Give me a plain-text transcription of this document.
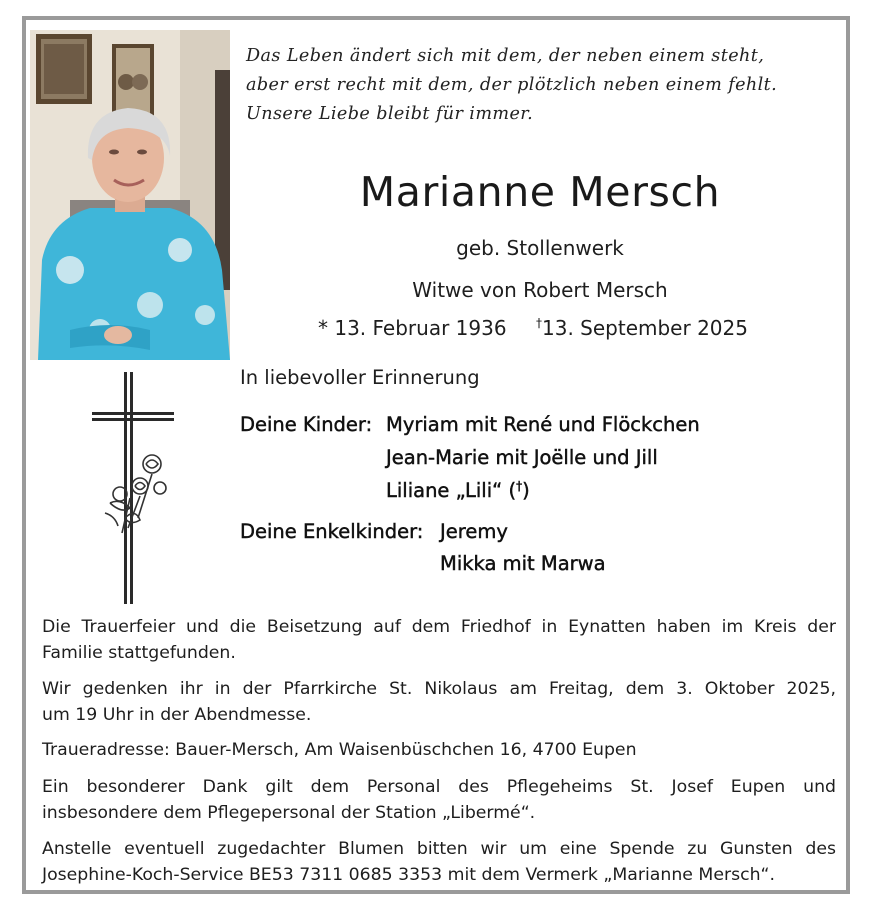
Das Leben ändert sich mit dem, der neben einem steht,
aber erst recht mit dem, der plötzlich neben einem fehlt.
Unsere Liebe bleibt für immer.
Marianne Mersch
geb. Stollenwerk
Witwe von Robert Mersch
* 13. Februar 1936 †13. September 2025
In liebevoller Erinnerung
Deine Kinder: Myriam mit René und Flöckchen
Jean-Marie mit Joëlle und Jill
Liliane „Lili“ (†)
Deine Enkelkinder: Jeremy
Mikka mit Marwa
Die Trauerfeier und die Beisetzung auf dem Friedhof in Eynatten haben im Kreis der
Familie stattgefunden.
Wir gedenken ihr in der Pfarrkirche St. Nikolaus am Freitag, dem 3. Oktober 2025,
um 19 Uhr in der Abendmesse.
Traueradresse: Bauer-Mersch, Am Waisenbüschchen 16, 4700 Eupen
Ein besonderer Dank gilt dem Personal des Pflegeheims St. Josef Eupen und
insbesondere dem Pflegepersonal der Station „Libermé“.
Anstelle eventuell zugedachter Blumen bitten wir um eine Spende zu Gunsten des
Josephine-Koch-Service BE53 7311 0685 3353 mit dem Vermerk „Marianne Mersch“.
